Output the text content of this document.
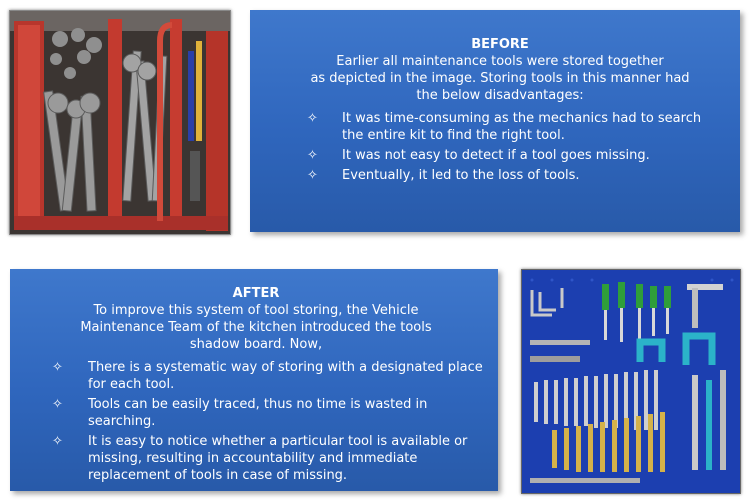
BEFORE
Earlier all maintenance tools were stored together
as depicted in the image. Storing tools in this manner had
the below disadvantages:
✧ It was time-consuming as the mechanics had to search the entire kit to find the right tool.
✧ It was not easy to detect if a tool goes missing.
✧ Eventually, it led to the loss of tools.
AFTER
To improve this system of tool storing, the Vehicle
Maintenance Team of the kitchen introduced the tools
shadow board. Now,
✧ There is a systematic way of storing with a designated place for each tool.
✧ Tools can be easily traced, thus no time is wasted in searching.
✧ It is easy to notice whether a particular tool is available or missing, resulting in accountability and immediate replacement of tools in case of missing.
